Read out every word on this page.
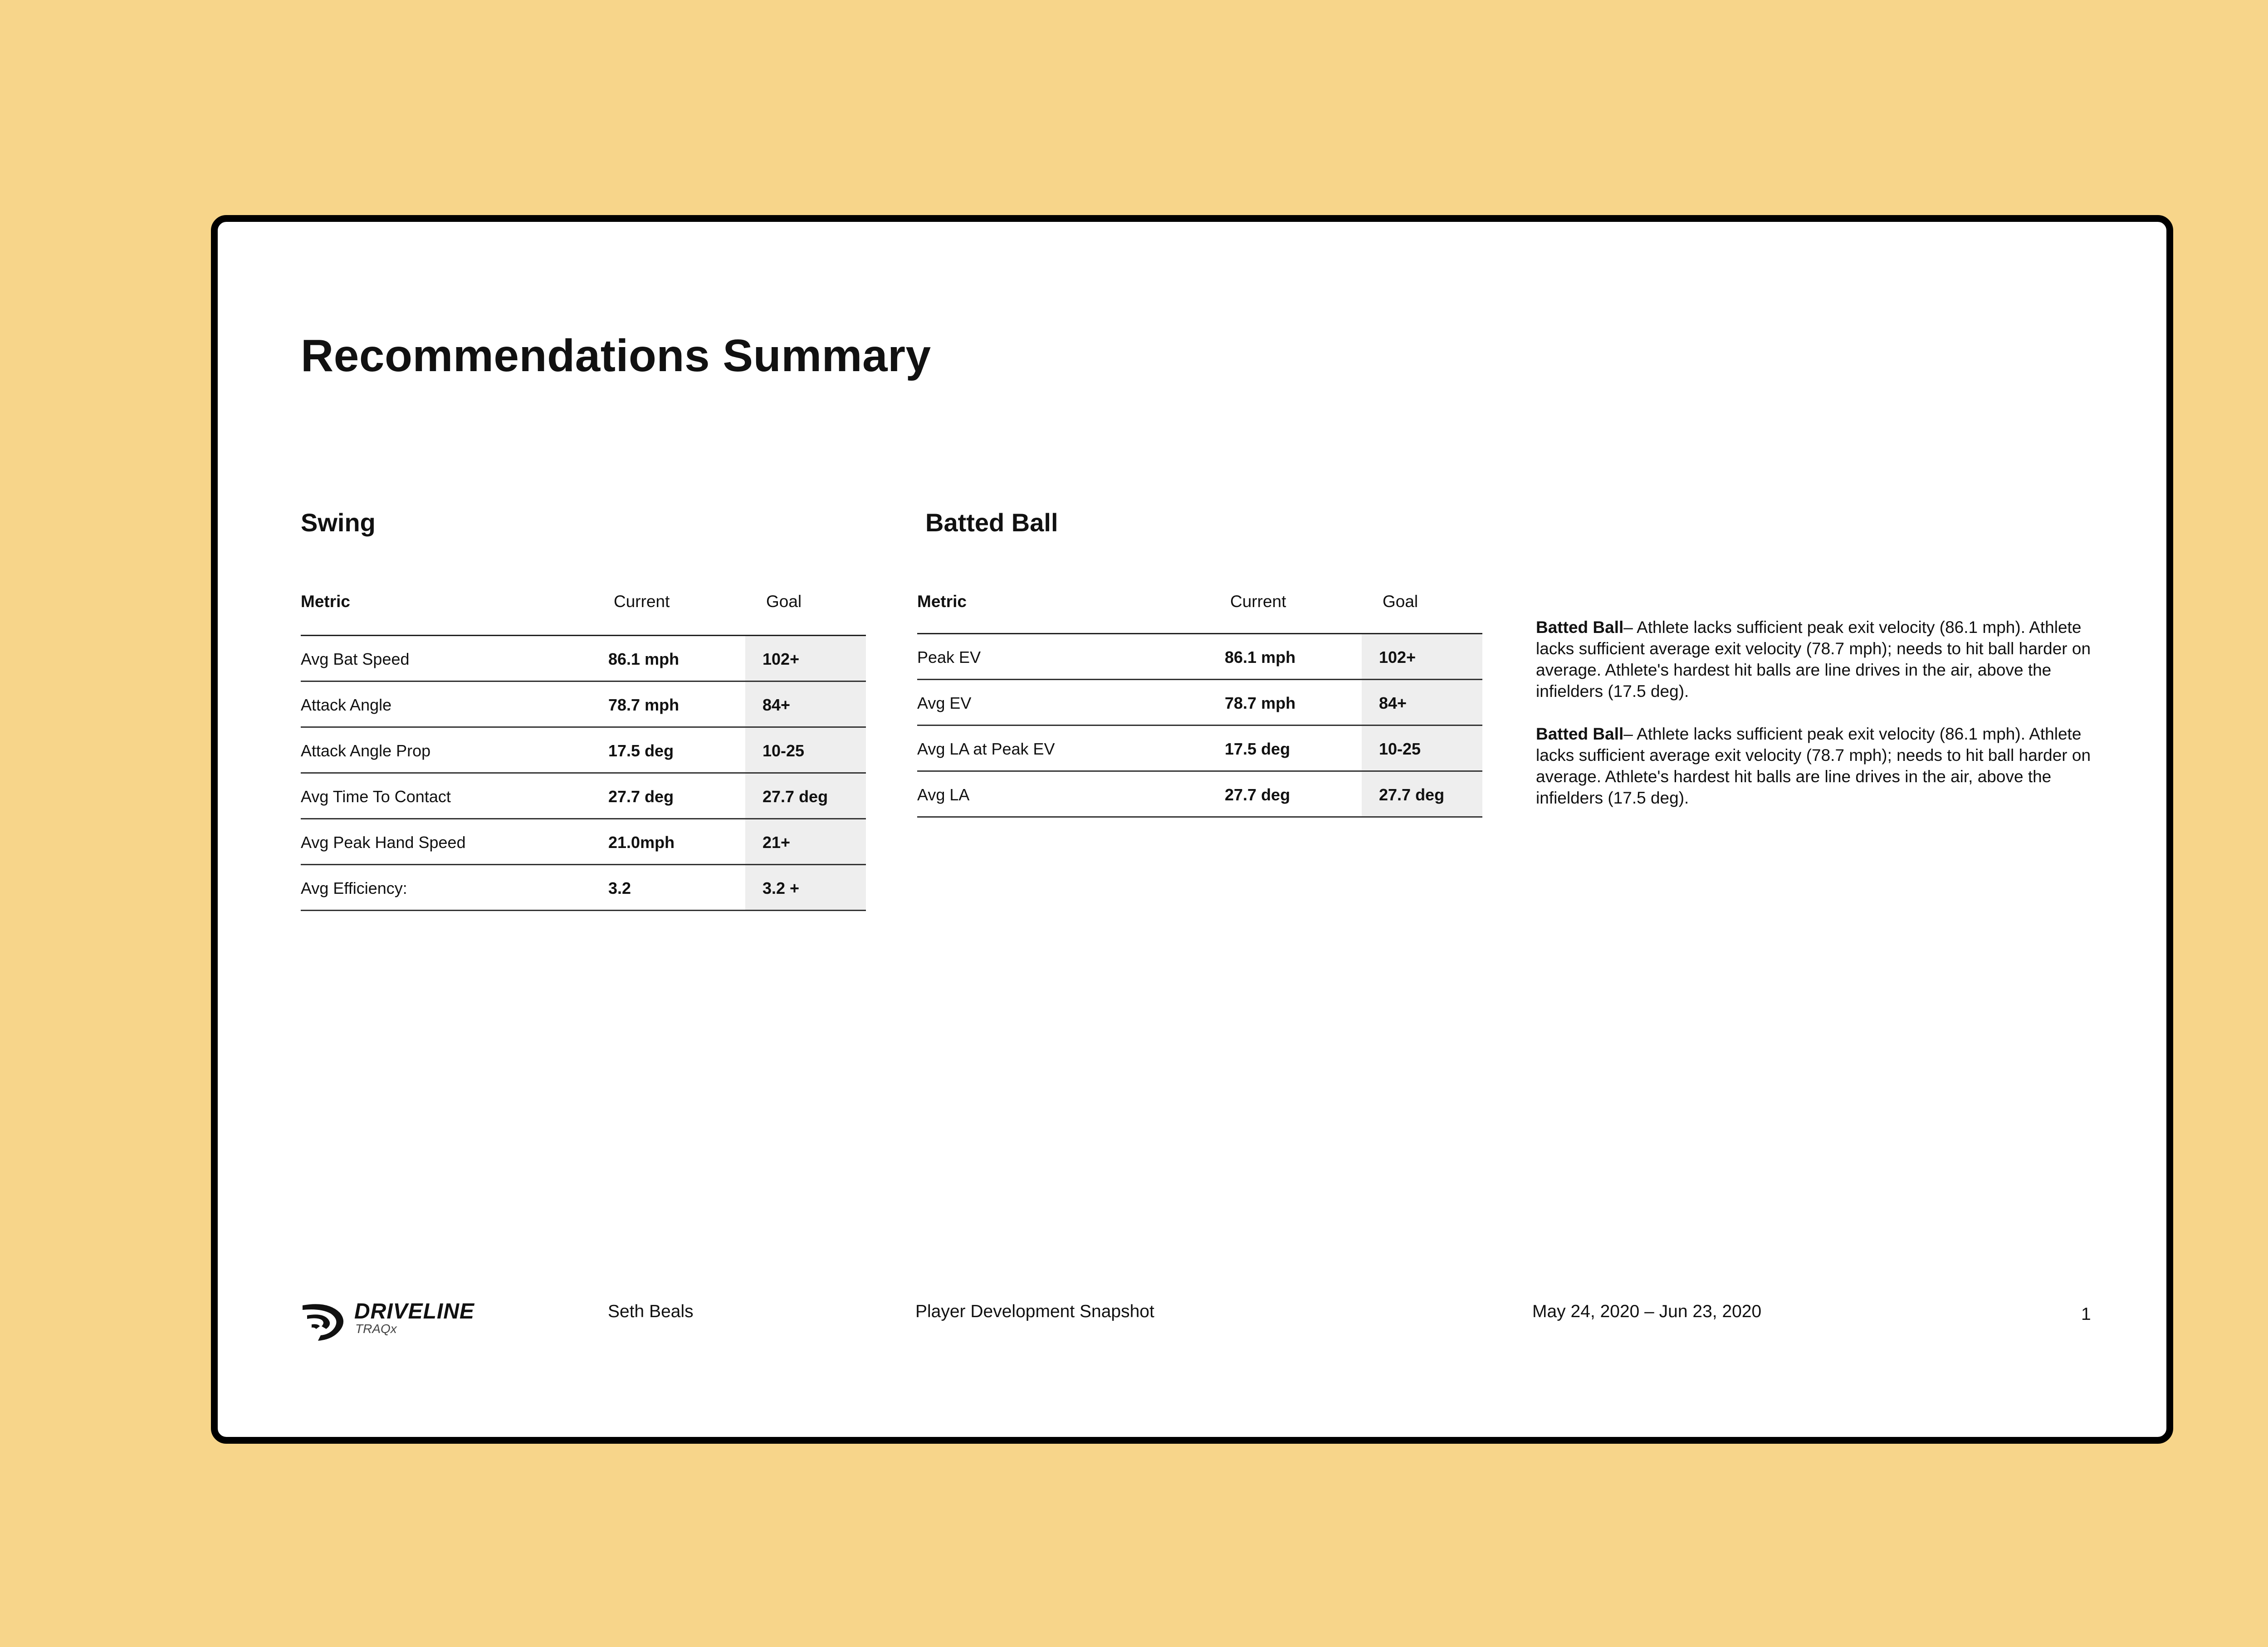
Recommendations Summary
Swing
Metric	Current	Goal
Avg Bat Speed	86.1 mph	102+
Attack Angle	78.7 mph	84+
Attack Angle Prop	17.5 deg	10-25
Avg Time To Contact	27.7 deg	27.7 deg
Avg Peak Hand Speed	21.0mph	21+
Avg Efficiency:	3.2	3.2 +
Batted Ball
Metric	Current	Goal
Peak EV	86.1 mph	102+
Avg EV	78.7 mph	84+
Avg LA at Peak EV	17.5 deg	10-25
Avg LA	27.7 deg	27.7 deg

Batted Ball– Athlete lacks sufficient peak exit velocity (86.1 mph). Athlete lacks sufficient average exit velocity (78.7 mph); needs to hit ball harder on average. Athlete's hardest hit balls are line drives in the air, above the infielders (17.5 deg).

Batted Ball– Athlete lacks sufficient peak exit velocity (86.1 mph). Athlete lacks sufficient average exit velocity (78.7 mph); needs to hit ball harder on average. Athlete's hardest hit balls are line drives in the air, above the infielders (17.5 deg).

DRIVELINE
TRAQx
Seth Beals	Player Development Snapshot	May 24, 2020 – Jun 23, 2020	1
